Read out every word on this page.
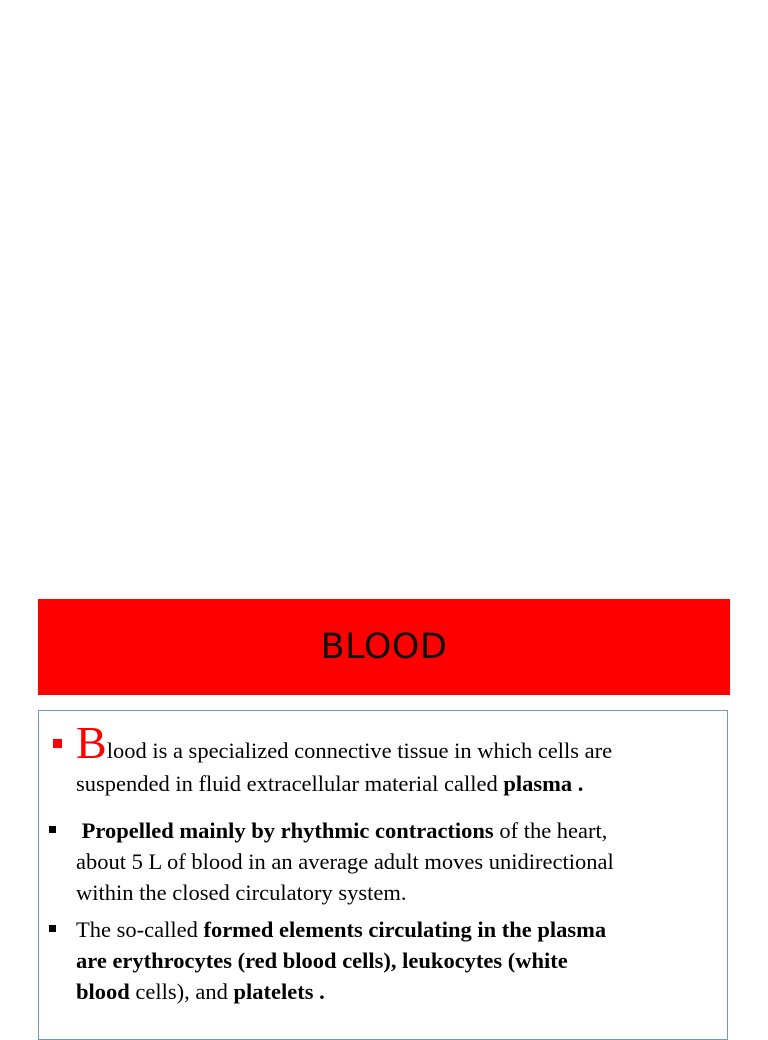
BLOOD
Blood is a specialized connective tissue in which cells are
suspended in fluid extracellular material called plasma .
Propelled mainly by rhythmic contractions of the heart,
about 5 L of blood in an average adult moves unidirectional
within the closed circulatory system.
The so-called formed elements circulating in the plasma
are erythrocytes (red blood cells), leukocytes (white
blood cells), and platelets .
